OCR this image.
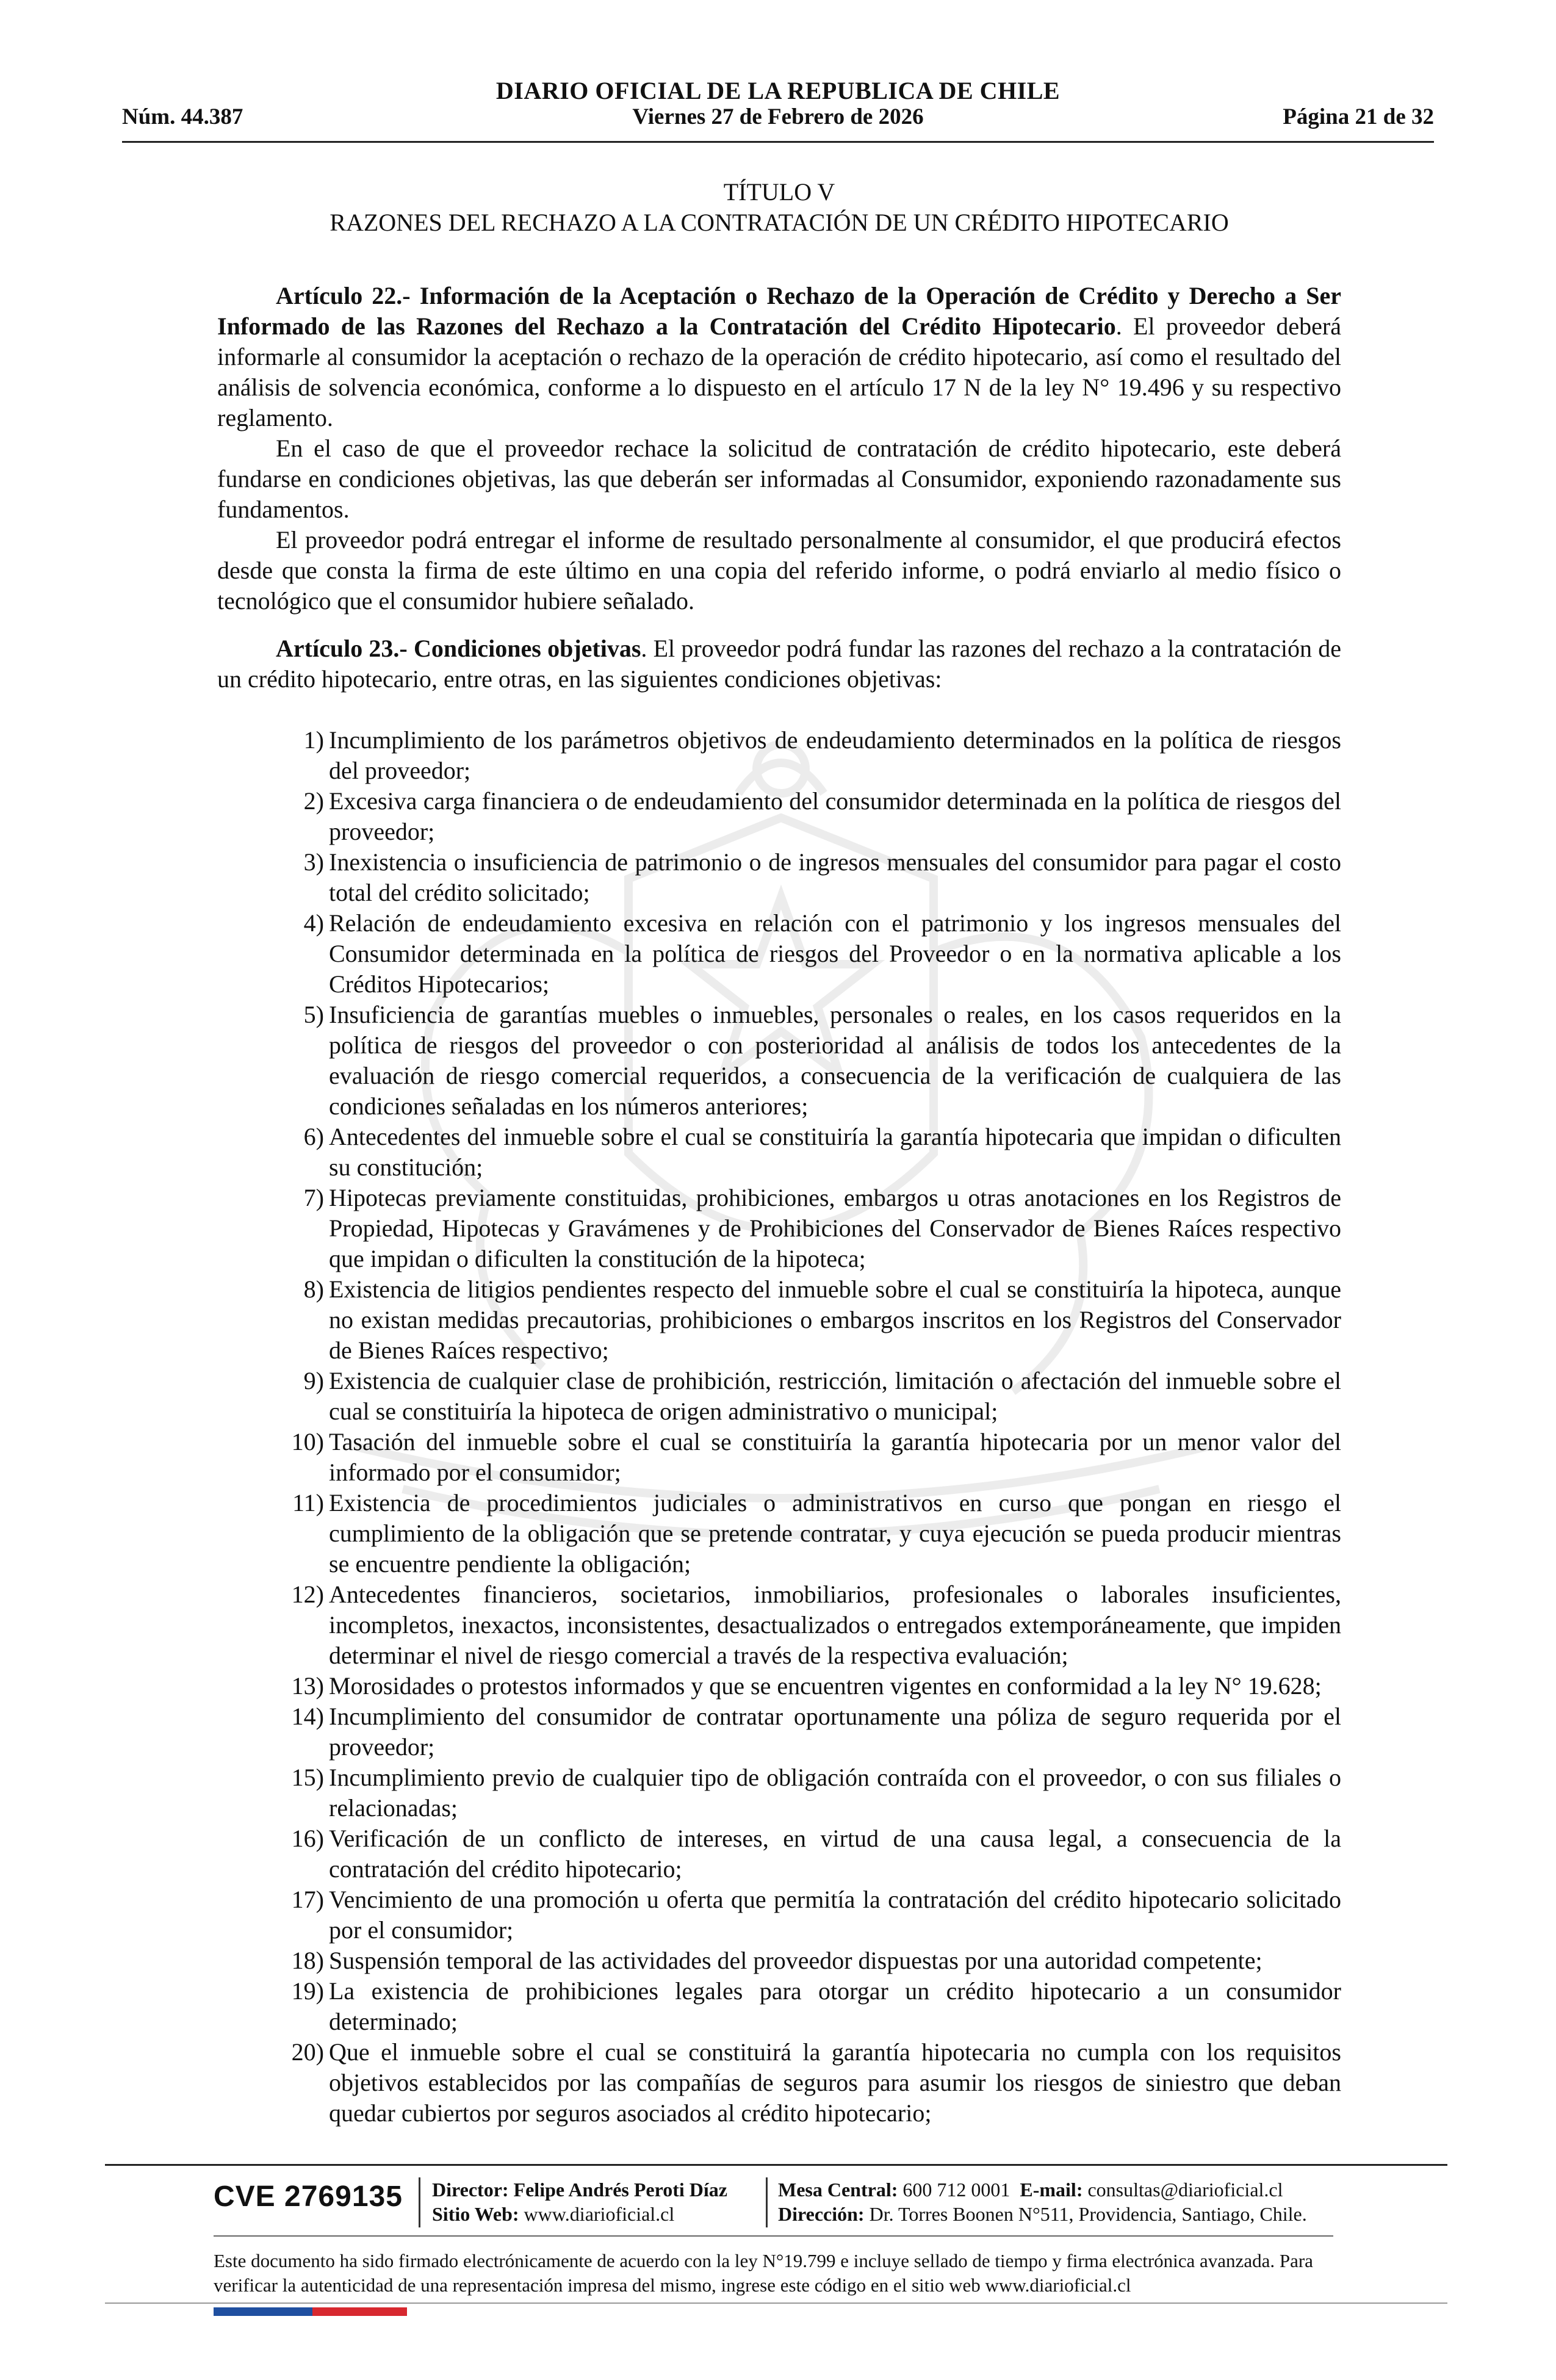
DIARIO OFICIAL DE LA REPUBLICA DE CHILE
Núm. 44.387	Viernes 27 de Febrero de 2026	Página 21 de 32

TÍTULO V

RAZONES DEL RECHAZO A LA CONTRATACIÓN DE UN CRÉDITO HIPOTECARIO

Artículo 22.- Información de la Aceptación o Rechazo de la Operación de Crédito y Derecho a Ser Informado de las Razones del Rechazo a la Contratación del Crédito Hipotecario. El proveedor deberá informarle al consumidor la aceptación o rechazo de la operación de crédito hipotecario, así como el resultado del análisis de solvencia económica, conforme a lo dispuesto en el artículo 17 N de la ley N° 19.496 y su respectivo reglamento.

En el caso de que el proveedor rechace la solicitud de contratación de crédito hipotecario, este deberá fundarse en condiciones objetivas, las que deberán ser informadas al Consumidor, exponiendo razonadamente sus fundamentos.

El proveedor podrá entregar el informe de resultado personalmente al consumidor, el que producirá efectos desde que consta la firma de este último en una copia del referido informe, o podrá enviarlo al medio físico o tecnológico que el consumidor hubiere señalado.

Artículo 23.- Condiciones objetivas. El proveedor podrá fundar las razones del rechazo a la contratación de un crédito hipotecario, entre otras, en las siguientes condiciones objetivas:

1) Incumplimiento de los parámetros objetivos de endeudamiento determinados en la política de riesgos del proveedor;
2) Excesiva carga financiera o de endeudamiento del consumidor determinada en la política de riesgos del proveedor;
3) Inexistencia o insuficiencia de patrimonio o de ingresos mensuales del consumidor para pagar el costo total del crédito solicitado;
4) Relación de endeudamiento excesiva en relación con el patrimonio y los ingresos mensuales del Consumidor determinada en la política de riesgos del Proveedor o en la normativa aplicable a los Créditos Hipotecarios;
5) Insuficiencia de garantías muebles o inmuebles, personales o reales, en los casos requeridos en la política de riesgos del proveedor o con posterioridad al análisis de todos los antecedentes de la evaluación de riesgo comercial requeridos, a consecuencia de la verificación de cualquiera de las condiciones señaladas en los números anteriores;
6) Antecedentes del inmueble sobre el cual se constituiría la garantía hipotecaria que impidan o dificulten su constitución;
7) Hipotecas previamente constituidas, prohibiciones, embargos u otras anotaciones en los Registros de Propiedad, Hipotecas y Gravámenes y de Prohibiciones del Conservador de Bienes Raíces respectivo que impidan o dificulten la constitución de la hipoteca;
8) Existencia de litigios pendientes respecto del inmueble sobre el cual se constituiría la hipoteca, aunque no existan medidas precautorias, prohibiciones o embargos inscritos en los Registros del Conservador de Bienes Raíces respectivo;
9) Existencia de cualquier clase de prohibición, restricción, limitación o afectación del inmueble sobre el cual se constituiría la hipoteca de origen administrativo o municipal;
10) Tasación del inmueble sobre el cual se constituiría la garantía hipotecaria por un menor valor del informado por el consumidor;
11) Existencia de procedimientos judiciales o administrativos en curso que pongan en riesgo el cumplimiento de la obligación que se pretende contratar, y cuya ejecución se pueda producir mientras se encuentre pendiente la obligación;
12) Antecedentes financieros, societarios, inmobiliarios, profesionales o laborales insuficientes, incompletos, inexactos, inconsistentes, desactualizados o entregados extemporáneamente, que impiden determinar el nivel de riesgo comercial a través de la respectiva evaluación;
13) Morosidades o protestos informados y que se encuentren vigentes en conformidad a la ley N° 19.628;
14) Incumplimiento del consumidor de contratar oportunamente una póliza de seguro requerida por el proveedor;
15) Incumplimiento previo de cualquier tipo de obligación contraída con el proveedor, o con sus filiales o relacionadas;
16) Verificación de un conflicto de intereses, en virtud de una causa legal, a consecuencia de la contratación del crédito hipotecario;
17) Vencimiento de una promoción u oferta que permitía la contratación del crédito hipotecario solicitado por el consumidor;
18) Suspensión temporal de las actividades del proveedor dispuestas por una autoridad competente;
19) La existencia de prohibiciones legales para otorgar un crédito hipotecario a un consumidor determinado;
20) Que el inmueble sobre el cual se constituirá la garantía hipotecaria no cumpla con los requisitos objetivos establecidos por las compañías de seguros para asumir los riesgos de siniestro que deban quedar cubiertos por seguros asociados al crédito hipotecario;
CVE 2769135 Director: Felipe Andrés Peroti Díaz
Sitio Web: www.diarioficial.cl
Mesa Central: 600 712 0001 E-mail: consultas@diarioficial.cl
Dirección: Dr. Torres Boonen N°511, Providencia, Santiago, Chile.
Este documento ha sido firmado electrónicamente de acuerdo con la ley N°19.799 e incluye sellado de tiempo y firma electrónica avanzada. Para verificar la autenticidad de una representación impresa del mismo, ingrese este código en el sitio web www.diarioficial.cl
